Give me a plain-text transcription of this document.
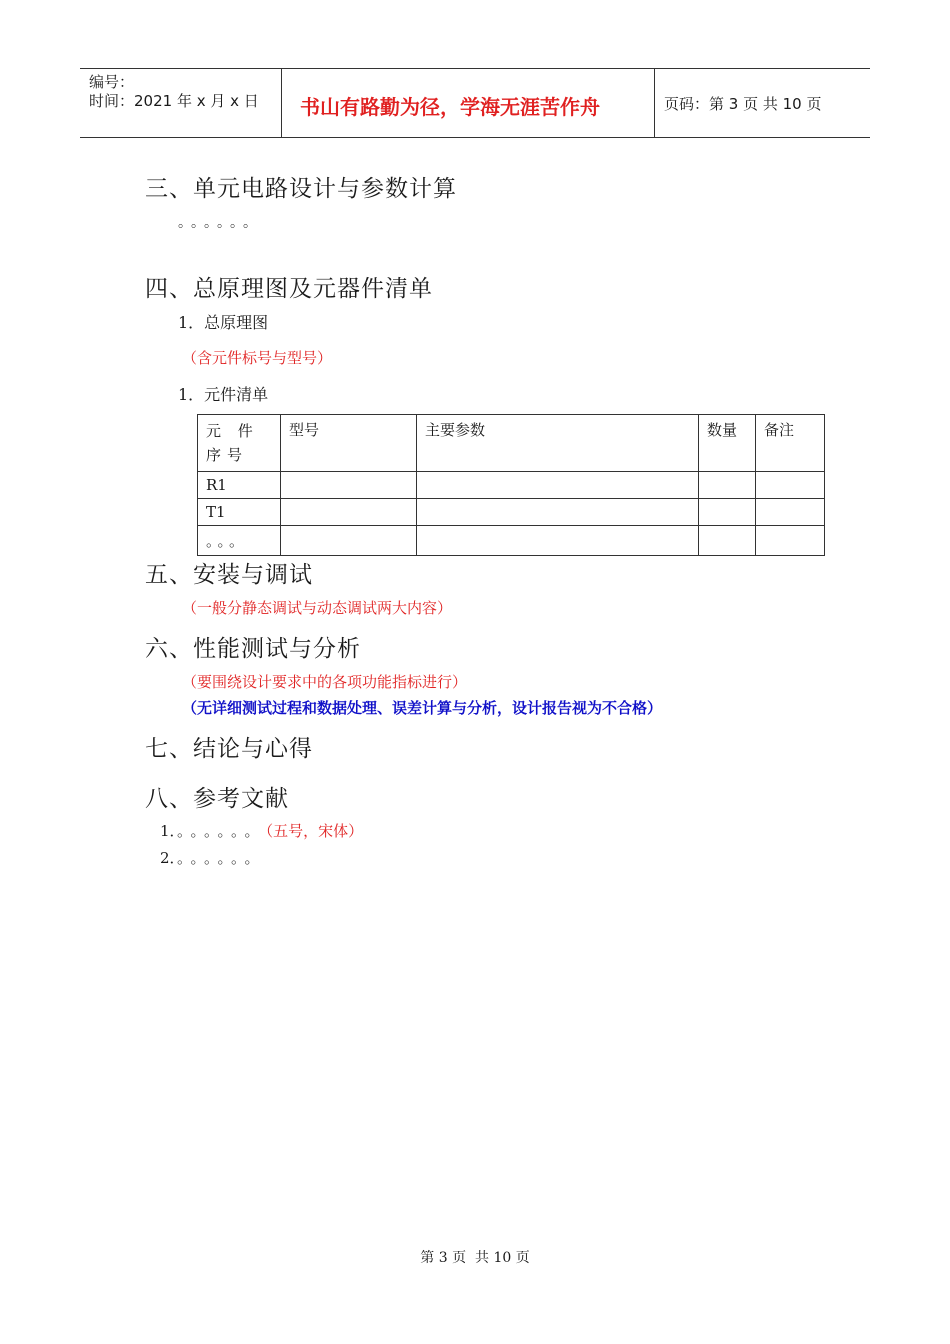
编号：
时间：2021 年 x 月 x 日 书山有路勤为径，学海无涯苦作舟	页码：第 3 页 共 10 页
三、单元电路设计与参数计算
。。。。。。
四、总原理图及元器件清单
1．总原理图
（含元件标号与型号）
1．元件清单
元 件 序号	型号	主要参数	数量	备注
R1				
T1				
。。。				
五、安装与调试
（一般分静态调试与动态调试两大内容）
六、性能测试与分析
（要围绕设计要求中的各项功能指标进行）
（无详细测试过程和数据处理、误差计算与分析，设计报告视为不合格）
七、结论与心得
八、参考文献
1．。。。。。。（五号，宋体）
2．。。。。。。
第 3 页  共 10 页
